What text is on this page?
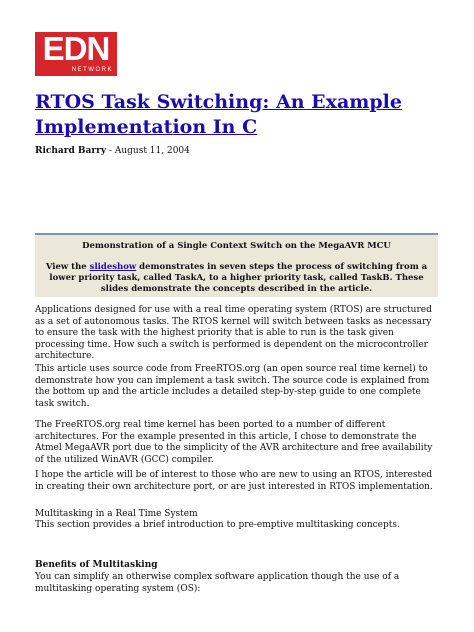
EDN
NETWORK
RTOS Task Switching: An Example Implementation In C
Richard Barry - August 11, 2004
Demonstration of a Single Context Switch on the MegaAVR MCU
View the slideshow demonstrates in seven steps the process of switching from a lower priority task, called TaskA, to a higher priority task, called TaskB. These slides demonstrate the concepts described in the article.

Applications designed for use with a real time operating system (RTOS) are structured as a set of autonomous tasks. The RTOS kernel will switch between tasks as necessary to ensure the task with the highest priority that is able to run is the task given processing time. How such a switch is performed is dependent on the microcontroller architecture.

This article uses source code from FreeRTOS.org (an open source real time kernel) to demonstrate how you can implement a task switch. The source code is explained from the bottom up and the article includes a detailed step-by-step guide to one complete task switch.

The FreeRTOS.org real time kernel has been ported to a number of different architectures. For the example presented in this article, I chose to demonstrate the Atmel MegaAVR port due to the simplicity of the AVR architecture and free availability of the utilized WinAVR (GCC) compiler.

I hope the article will be of interest to those who are new to using an RTOS, interested in creating their own architecture port, or are just interested in RTOS implementation.

Multitasking in a Real Time System

This section provides a brief introduction to pre-emptive multitasking concepts.

Benefits of Multitasking

You can simplify an otherwise complex software application though the use of a multitasking operating system (OS):
